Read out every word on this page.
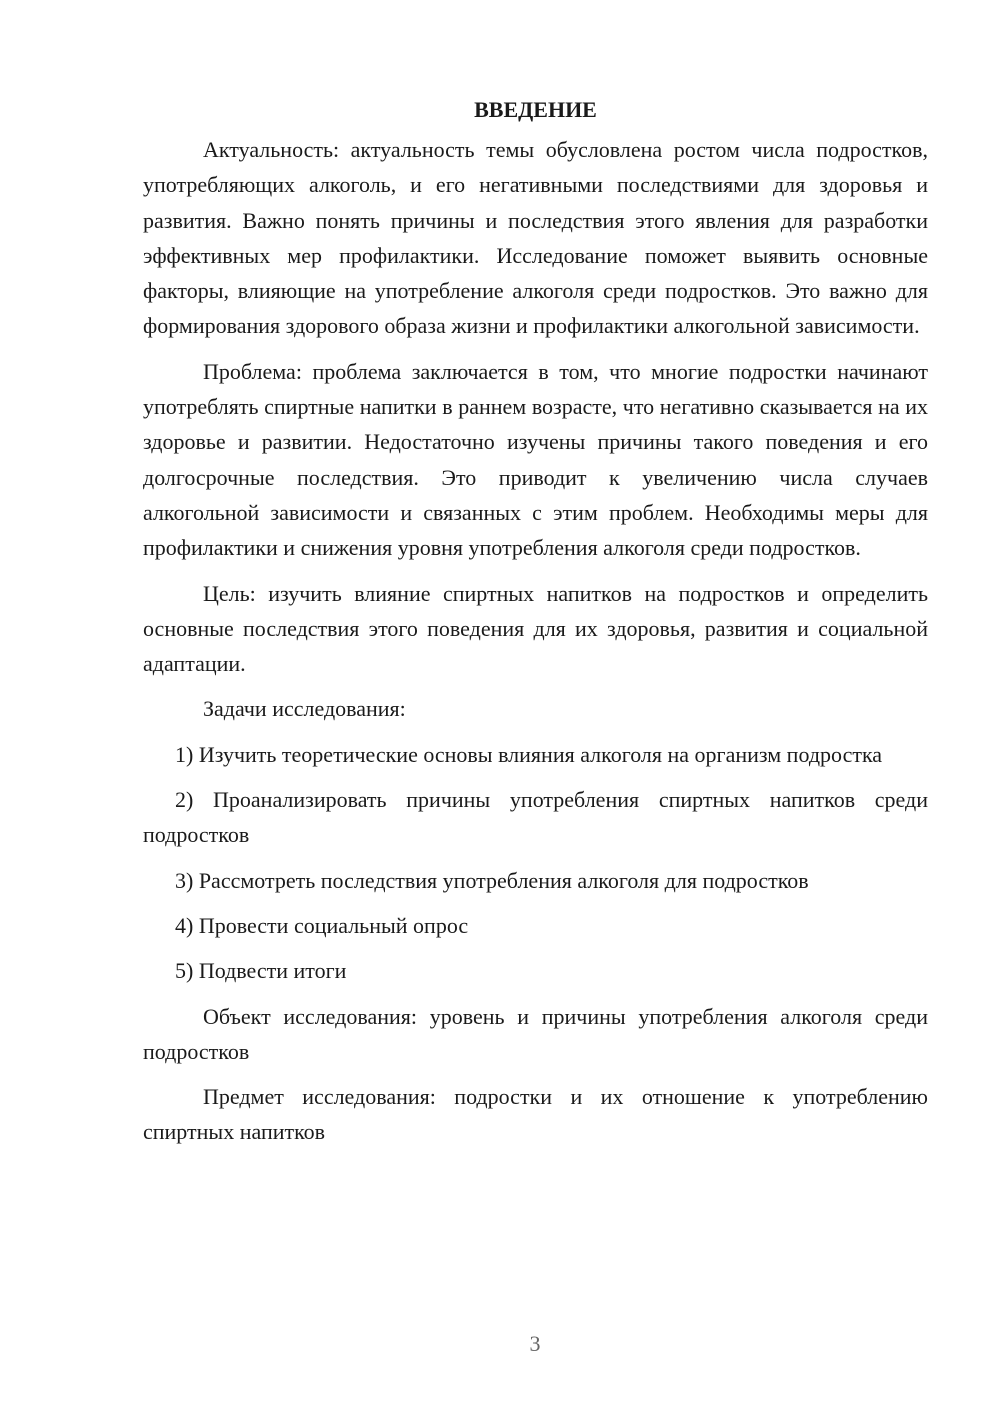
ВВЕДЕНИЕ

Актуальность: актуальность темы обусловлена ростом числа подростков, употребляющих алкоголь, и его негативными последствиями для здоровья и развития. Важно понять причины и последствия этого явления для разработки эффективных мер профилактики. Исследование поможет выявить основные факторы, влияющие на употребление алкоголя среди подростков. Это важно для формирования здорового образа жизни и профилактики алкогольной зависимости.

Проблема: проблема заключается в том, что многие подростки начинают употреблять спиртные напитки в раннем возрасте, что негативно сказывается на их здоровье и развитии. Недостаточно изучены причины такого поведения и его долгосрочные последствия. Это приводит к увеличению числа случаев алкогольной зависимости и связанных с этим проблем. Необходимы меры для профилактики и снижения уровня употребления алкоголя среди подростков.

Цель: изучить влияние спиртных напитков на подростков и определить основные последствия этого поведения для их здоровья, развития и социальной адаптации.

Задачи исследования:

1) Изучить теоретические основы влияния алкоголя на организм подростка

2) Проанализировать причины употребления спиртных напитков среди подростков

3) Рассмотреть последствия употребления алкоголя для подростков

4) Провести социальный опрос

5) Подвести итоги

Объект исследования: уровень и причины употребления алкоголя среди подростков

Предмет исследования: подростки и их отношение к употреблению спиртных напитков

3
